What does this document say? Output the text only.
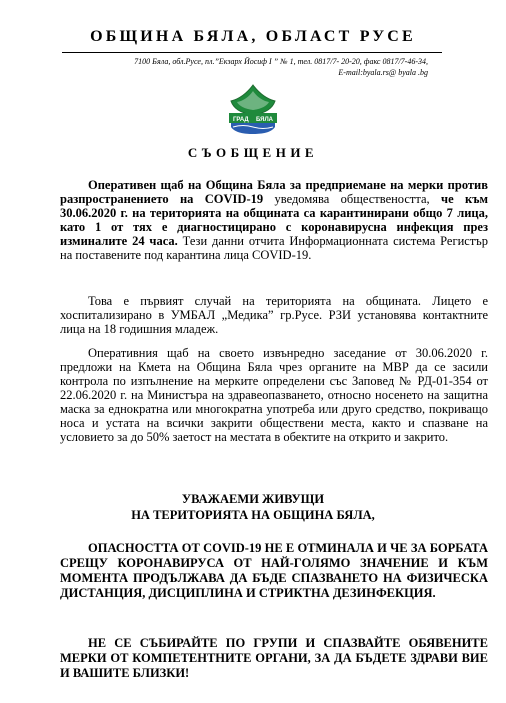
ОБЩИНА БЯЛА, ОБЛАСТ РУСЕ
7100 Бяла, обл.Русе, пл.”Екзарх Йосиф I ” № 1, тел. 0817/7- 20-20, факс 0817/7-46-34,
E-mail:byala.rs@ byala .bg
ГРАД БЯЛА
СЪОБЩЕНИЕ

Оперативен щаб на Община Бяла за предприемане на мерки против разпространението на COVID-19 уведомява обществеността, че към 30.06.2020 г. на територията на общината са карантинирани общо 7 лица, като 1 от тях е диагностицирано с коронавирусна инфекция през изминалите 24 часа. Тези данни отчита Информационната система Регистър на поставените под карантина лица COVID-19.

Това е първият случай на територията на общината. Лицето е хоспитализирано в УМБАЛ „Медика” гр.Русе. РЗИ установява контактните лица на 18 годишния младеж.

Оперативния щаб на своето извънредно заседание от 30.06.2020 г. предложи на Кмета на Община Бяла чрез органите на МВР да се засили контрола по изпълнение на мерките определени със Заповед № РД-01-354 от 22.06.2020 г. на Министъра на здравеопазването, относно носенето на защитна маска за еднократна или многократна употреба или друго средство, покриващо носа и устата на всички закрити обществени места, както и спазване на условието за до 50% заетост на местата в обектите на открито и закрито.

УВАЖАЕМИ ЖИВУЩИ
НА ТЕРИТОРИЯТА НА ОБЩИНА БЯЛА,

ОПАСНОСТТА ОТ COVID-19 НЕ Е ОТМИНАЛА И ЧЕ ЗА БОРБАТА СРЕЩУ КОРОНАВИРУСА ОТ НАЙ-ГОЛЯМО ЗНАЧЕНИЕ И КЪМ МОМЕНТА ПРОДЪЛЖАВА ДА БЪДЕ СПАЗВАНЕТО НА ФИЗИЧЕСКА ДИСТАНЦИЯ, ДИСЦИПЛИНА И СТРИКТНА ДЕЗИНФЕКЦИЯ.

НЕ СЕ СЪБИРАЙТЕ ПО ГРУПИ И СПАЗВАЙТЕ ОБЯВЕНИТЕ МЕРКИ ОТ КОМПЕТЕНТНИТЕ ОРГАНИ, ЗА ДА БЪДЕТЕ ЗДРАВИ ВИЕ И ВАШИТЕ БЛИЗКИ!
